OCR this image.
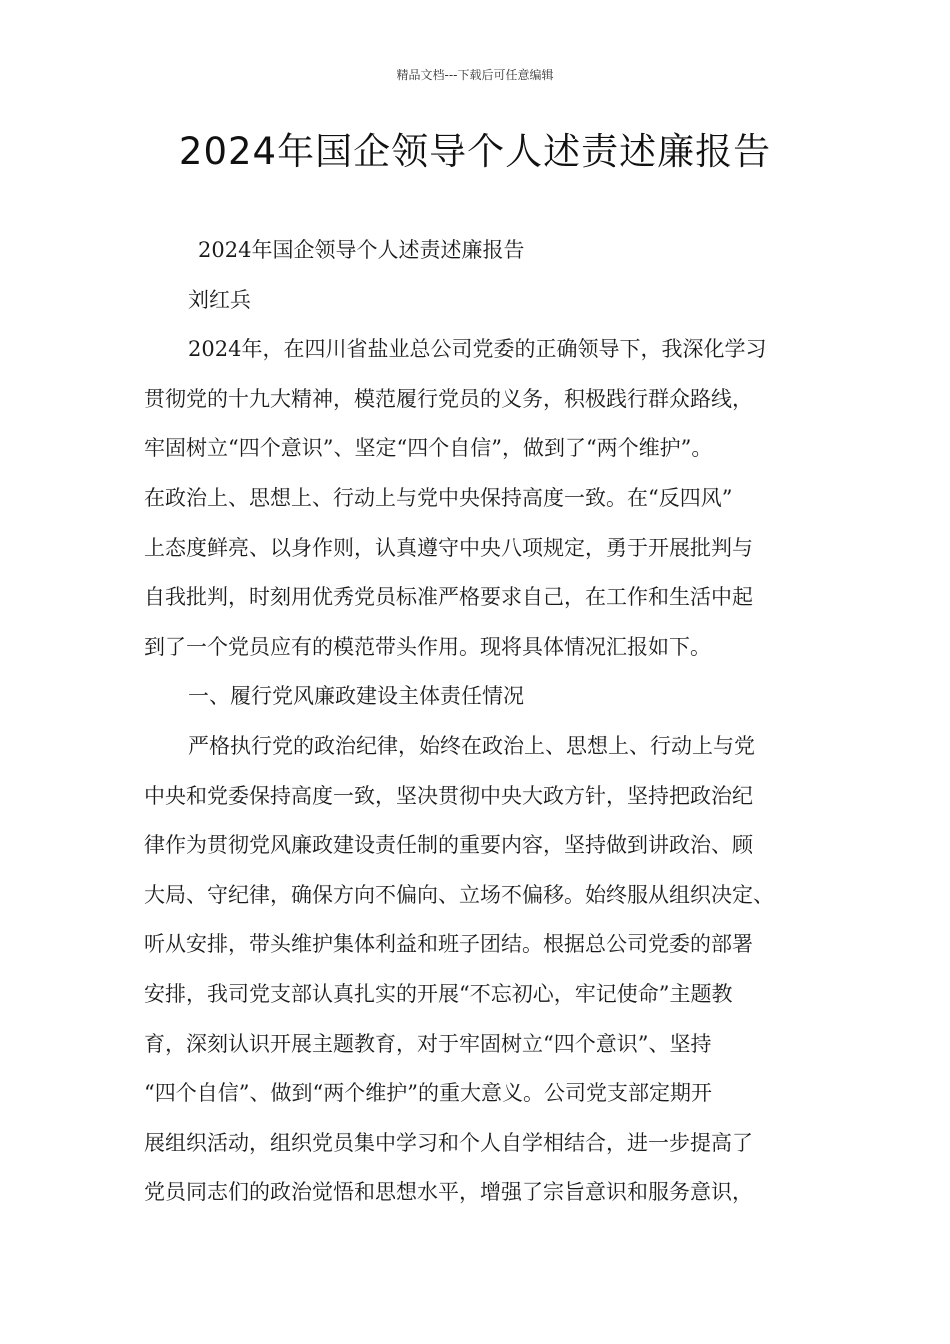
精品文档---下载后可任意编辑
2024年国企领导个人述责述廉报告
2024年国企领导个人述责述廉报告
刘红兵
2024年，在四川省盐业总公司党委的正确领导下，我深化学习
贯彻党的十九大精神，模范履行党员的义务，积极践行群众路线，
牢固树立“四个意识”、坚定“四个自信”，做到了“两个维护”。
在政治上、思想上、行动上与党中央保持高度一致。在“反四风”
上态度鲜亮、以身作则，认真遵守中央八项规定，勇于开展批判与
自我批判，时刻用优秀党员标准严格要求自己，在工作和生活中起
到了一个党员应有的模范带头作用。现将具体情况汇报如下。
一、履行党风廉政建设主体责任情况
严格执行党的政治纪律，始终在政治上、思想上、行动上与党
中央和党委保持高度一致，坚决贯彻中央大政方针，坚持把政治纪
律作为贯彻党风廉政建设责任制的重要内容，坚持做到讲政治、顾
大局、守纪律，确保方向不偏向、立场不偏移。始终服从组织决定、
听从安排，带头维护集体利益和班子团结。根据总公司党委的部署
安排，我司党支部认真扎实的开展“不忘初心，牢记使命”主题教
育，深刻认识开展主题教育，对于牢固树立“四个意识”、坚持
“四个自信”、做到“两个维护”的重大意义。公司党支部定期开
展组织活动，组织党员集中学习和个人自学相结合，进一步提高了
党员同志们的政治觉悟和思想水平，增强了宗旨意识和服务意识，
